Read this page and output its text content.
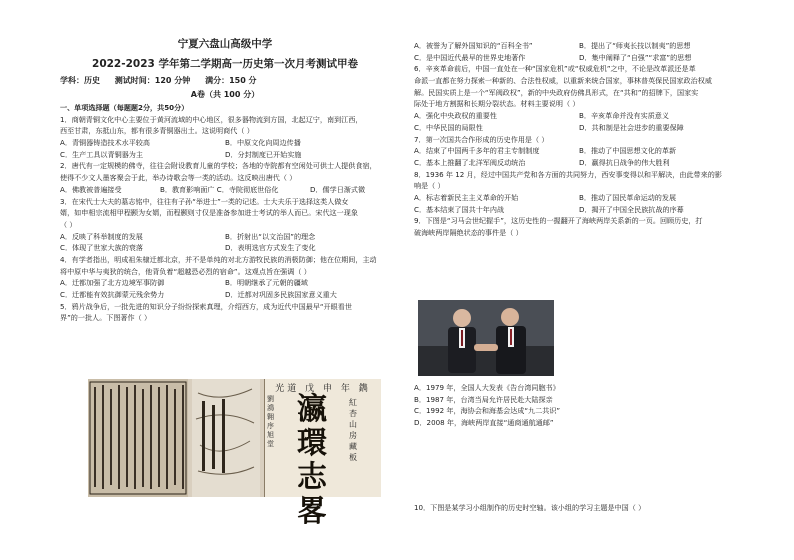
宁夏六盘山高级中学
2022-2023 学年第二学期高一历史第一次月考测试甲卷
学科：历史 测试时间：120 分钟 满分：150 分
A卷（共 100 分）
一、单项选择题（每题题2分，共50分）
1．商朝青铜文化中心主要位于黄河流域的中心地区，很多器物流到方国，北起辽宁，南到江西，
西至甘肃，东抵山东，都有很多青铜器出土。这说明商代（ ）
A．青铜器铸造技术水平较高	B．中原文化向周边传播
C．生产工具以青铜器为主	D．分封制度已开始实施
2．唐代有一定规模的佛寺，往往会附设教育儿童的学校；各地的寺院都有空闲处可供士人提供食宿，
使得不少文人墨客聚会于此，举办诗歌会等一类的活动。这反映出唐代（ ）
A．佛教被普遍接受	B．教育影响面广 C．寺院彻底世俗化	D．儒学日渐式微
3．在宋代士大夫的墓志铭中，往往有子孙“举进士”一类的记述。士大夫乐于选择这类人做女
婿，如申相宗流相甲程颢为女婿，而程颢则寸仅是准备参加进士考试的举人而已。宋代这一现象
（ ）
A．反映了科举制度的发展	B．折射出“以文治国”的理念
C．体现了世家大族的衰落	D．表明选官方式发生了变化
4．有学者指出，明成祖朱棣迁都北京，并不是单纯的对北方游牧民族的消极防御；他在位期间，主动
将中原中华与夷狄的统合，他背负着“超越恐必烈的宿命”。这观点旨在强调（ ）
A．迁都加强了北方边境军事防御	B．明朝继承了元朝的疆域
C．迁都能有效抗御蒙元残余势力	D．迁都对巩固多民族国家意义重大
5．鸦片战争后，一批先进的知识分子纷纷探索真理，介绍西方，成为近代中国最早“开眼看世
界”的一批人。下图著作（ ）
光道 戊 申 年 鐫
劉鴻翱 序 旭堂
瀛環志畧
紅杏山房藏板
A．被誉为了解外国知识的“百科全书”	B．提出了“师夷长技以制夷”的思想
C．是中国近代最早的世界史地著作	D．集中阐释了“自强”“求富”的思想
6．辛亥革命前后，中国一直处在一种“国家危机”或“权威危机”之中，不论是改革派还是革
命派一直都在努力探索一种新的、合法性权威，以重新来统合国家，事林普英保民国家政治权威
解。民国实质上是一个“军阀政权”，新的中央政府仿佛具形式，在“共和”的招牌下，国家实
际处于地方割据和长期分裂状态。材料主要说明（ ）
A．强化中央政权的重要性	B．辛亥革命并没有实质意义
C．中华民国的局限性	D．共和制是社会进步的重要保障
7．第一次国共合作形成的历史作用是（ ）
A．结束了中国两千多年的君主专制制度	B．推动了中国思想文化的革新
C．基本上推翻了北洋军阀反动统治	D．赢得抗日战争的伟大胜利
8．1936 年 12 月，经过中国共产党和各方面的共同努力，西安事变得以和平解决，由此带来的影
响是（ ）
A．标志着新民主主义革命的开始	B．推动了国民革命运动的发展
C．基本结束了国共十年内战	D．揭开了中国全民族抗战的序幕
9．下图是“习马会世纪握手”，这历史性的一握翻开了海峡两岸关系新的一页。回顾历史，打
破海峡两岸隔绝状态的事件是（ ）
A．1979 年，全国人大发表《告台湾同胞书》
B．1987 年，台湾当局允许居民赴大陆探亲
C．1992 年，海协会和海基会达成“九二共识”
D．2008 年，海峡两岸直接“通商通航通邮”
10．下图是某学习小组制作的历史时空轴。该小组的学习主题是中国（ ）
